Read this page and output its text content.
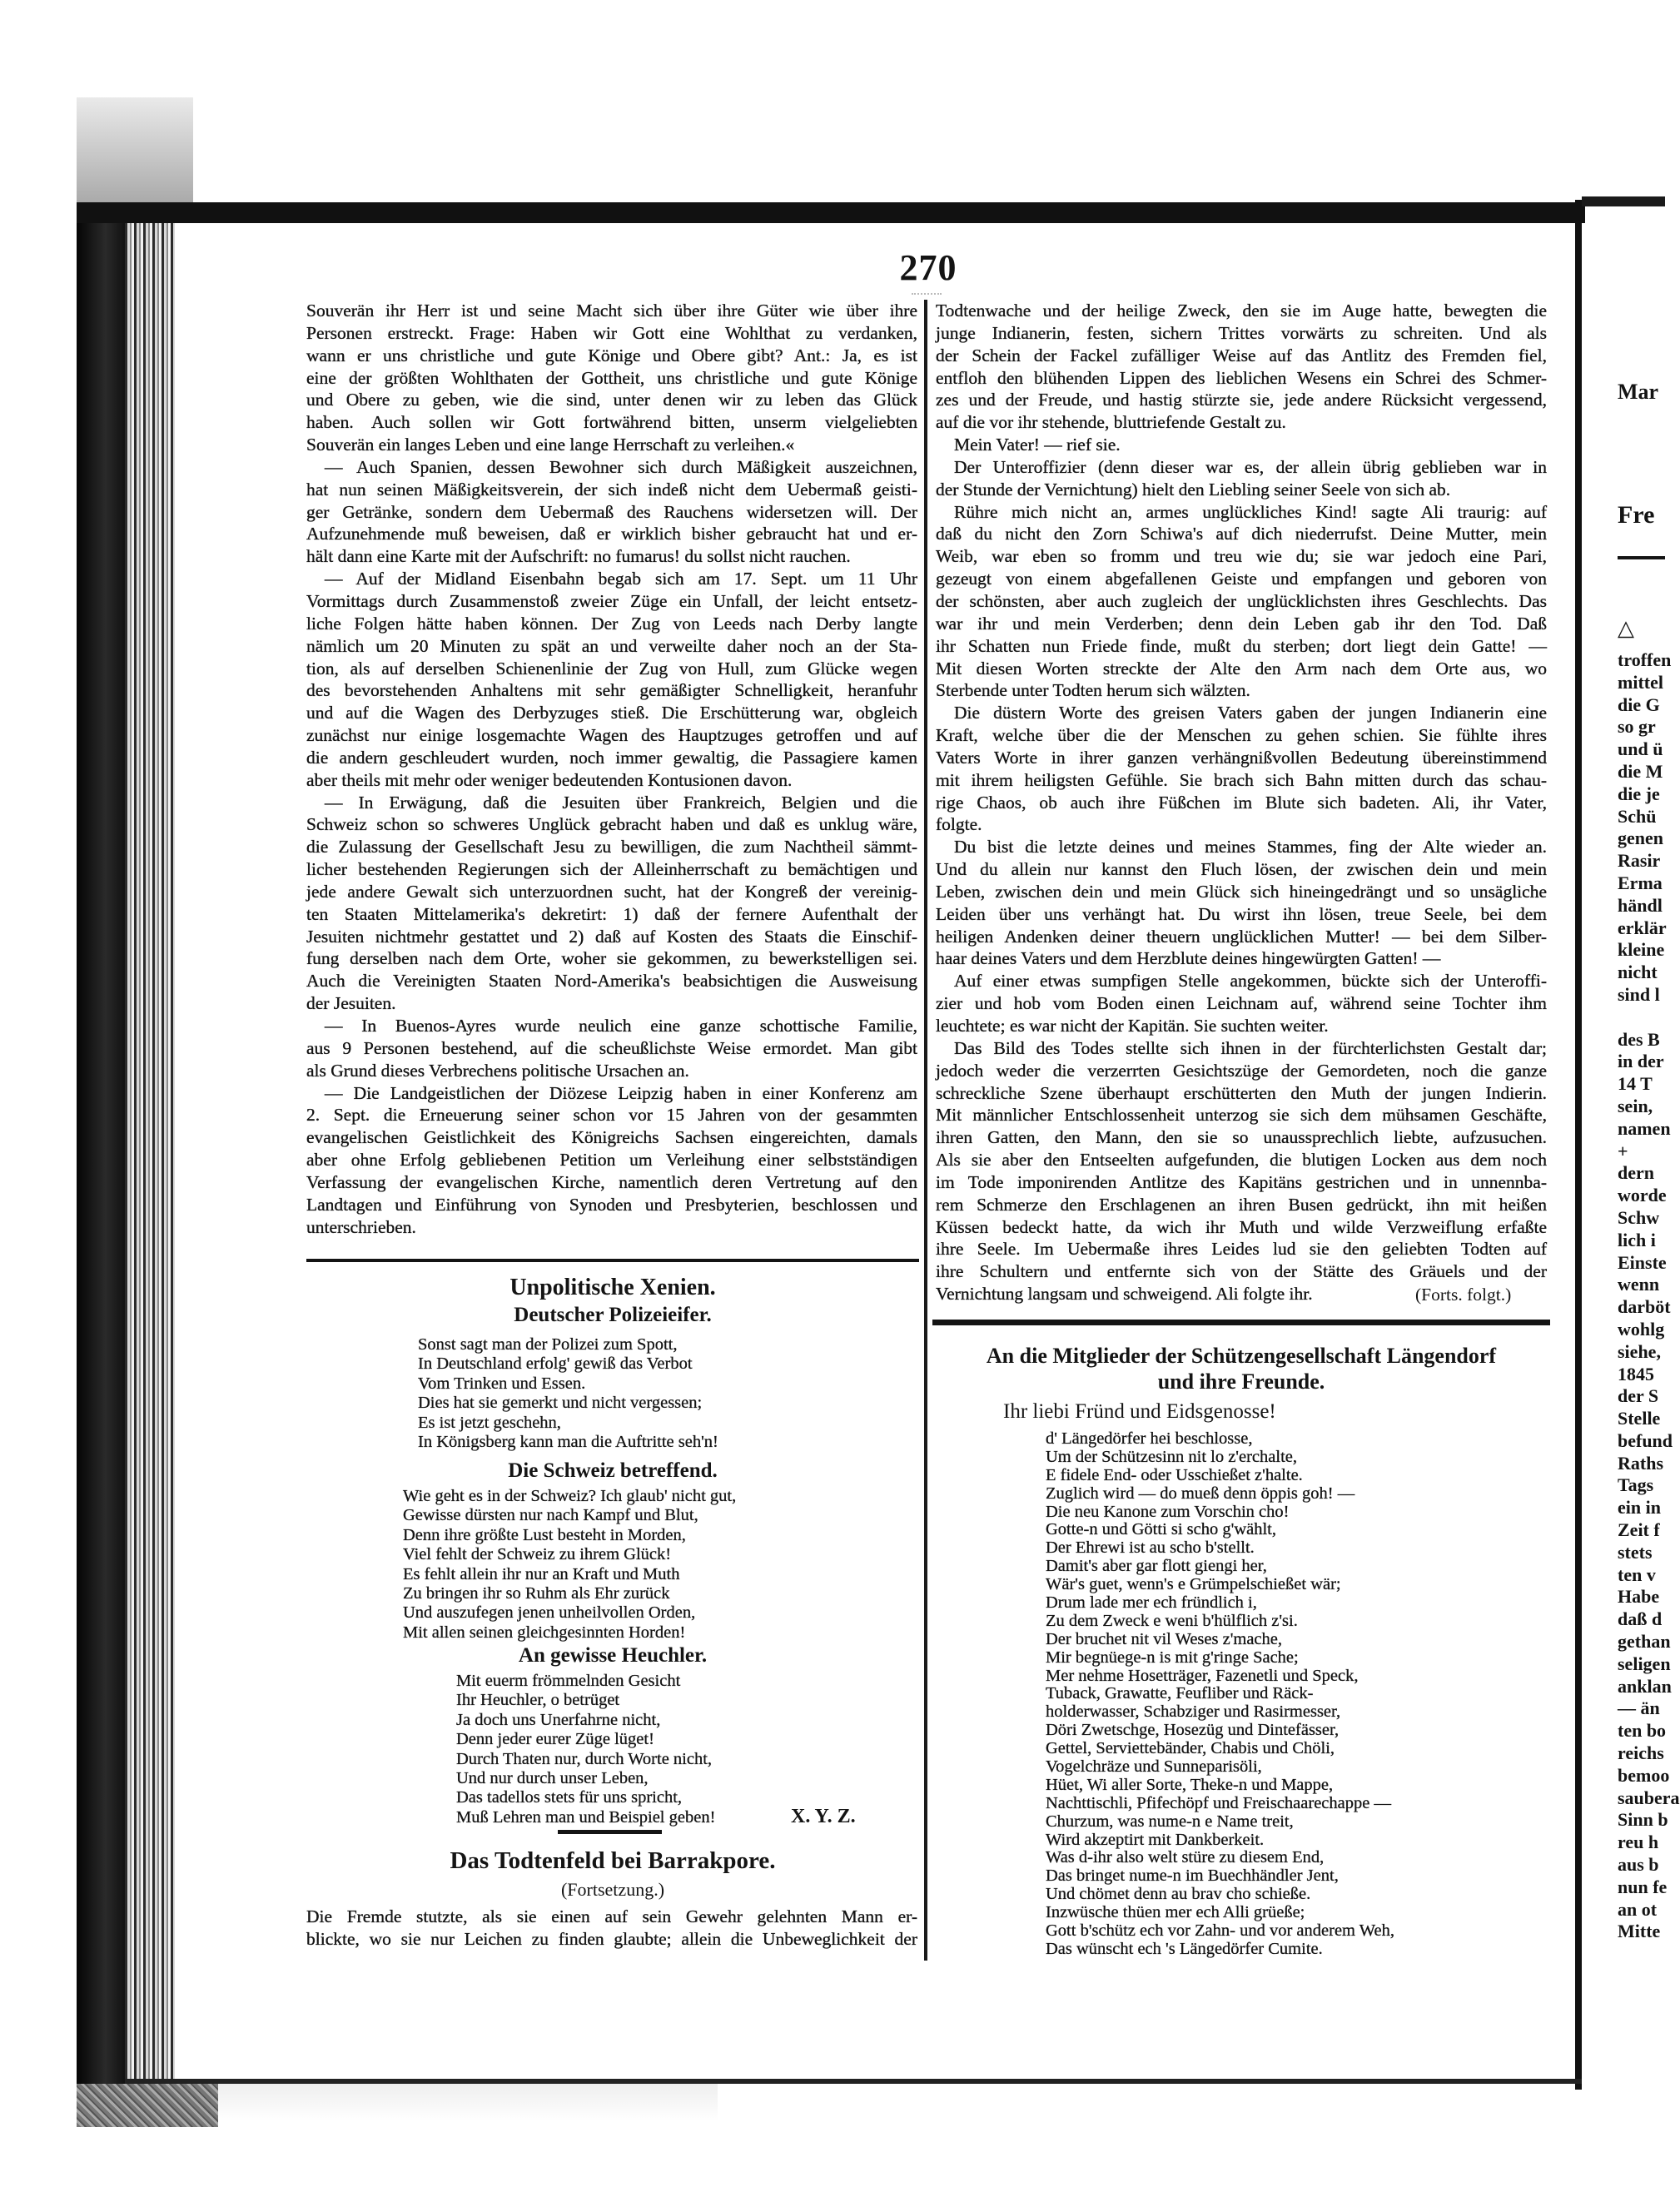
270
Souverän ihr Herr ist und seine Macht sich über ihre Güter wie über ihre
Personen erstreckt. Frage: Haben wir Gott eine Wohlthat zu verdanken,
wann er uns christliche und gute Könige und Obere gibt? Ant.: Ja, es ist
eine der größten Wohlthaten der Gottheit, uns christliche und gute Könige
und Obere zu geben, wie die sind, unter denen wir zu leben das Glück
haben. Auch sollen wir Gott fortwährend bitten, unserm vielgeliebten
Souverän ein langes Leben und eine lange Herrschaft zu verleihen.«
— Auch Spanien, dessen Bewohner sich durch Mäßigkeit auszeichnen,
hat nun seinen Mäßigkeitsverein, der sich indeß nicht dem Uebermaß geisti-
ger Getränke, sondern dem Uebermaß des Rauchens widersetzen will. Der
Aufzunehmende muß beweisen, daß er wirklich bisher gebraucht hat und er-
hält dann eine Karte mit der Aufschrift: no fumarus! du sollst nicht rauchen.
— Auf der Midland Eisenbahn begab sich am 17. Sept. um 11 Uhr
Vormittags durch Zusammenstoß zweier Züge ein Unfall, der leicht entsetz-
liche Folgen hätte haben können. Der Zug von Leeds nach Derby langte
nämlich um 20 Minuten zu spät an und verweilte daher noch an der Sta-
tion, als auf derselben Schienenlinie der Zug von Hull, zum Glücke wegen
des bevorstehenden Anhaltens mit sehr gemäßigter Schnelligkeit, heranfuhr
und auf die Wagen des Derbyzuges stieß. Die Erschütterung war, obgleich
zunächst nur einige losgemachte Wagen des Hauptzuges getroffen und auf
die andern geschleudert wurden, noch immer gewaltig, die Passagiere kamen
aber theils mit mehr oder weniger bedeutenden Kontusionen davon.
— In Erwägung, daß die Jesuiten über Frankreich, Belgien und die
Schweiz schon so schweres Unglück gebracht haben und daß es unklug wäre,
die Zulassung der Gesellschaft Jesu zu bewilligen, die zum Nachtheil sämmt-
licher bestehenden Regierungen sich der Alleinherrschaft zu bemächtigen und
jede andere Gewalt sich unterzuordnen sucht, hat der Kongreß der vereinig-
ten Staaten Mittelamerika's dekretirt: 1) daß der fernere Aufenthalt der
Jesuiten nichtmehr gestattet und 2) daß auf Kosten des Staats die Einschif-
fung derselben nach dem Orte, woher sie gekommen, zu bewerkstelligen sei.
Auch die Vereinigten Staaten Nord-Amerika's beabsichtigen die Ausweisung
der Jesuiten.
— In Buenos-Ayres wurde neulich eine ganze schottische Familie,
aus 9 Personen bestehend, auf die scheußlichste Weise ermordet. Man gibt
als Grund dieses Verbrechens politische Ursachen an.
— Die Landgeistlichen der Diözese Leipzig haben in einer Konferenz am
2. Sept. die Erneuerung seiner schon vor 15 Jahren von der gesammten
evangelischen Geistlichkeit des Königreichs Sachsen eingereichten, damals
aber ohne Erfolg gebliebenen Petition um Verleihung einer selbstständigen
Verfassung der evangelischen Kirche, namentlich deren Vertretung auf den
Landtagen und Einführung von Synoden und Presbyterien, beschlossen und
unterschrieben.
Unpolitische Xenien.
Deutscher Polizeieifer.
Sonst sagt man der Polizei zum Spott,
In Deutschland erfolg' gewiß das Verbot
Vom Trinken und Essen.
Dies hat sie gemerkt und nicht vergessen;
Es ist jetzt geschehn,
In Königsberg kann man die Auftritte seh'n!
Die Schweiz betreffend.
Wie geht es in der Schweiz? Ich glaub' nicht gut,
Gewisse dürsten nur nach Kampf und Blut,
Denn ihre größte Lust besteht in Morden,
Viel fehlt der Schweiz zu ihrem Glück!
Es fehlt allein ihr nur an Kraft und Muth
Zu bringen ihr so Ruhm als Ehr zurück
Und auszufegen jenen unheilvollen Orden,
Mit allen seinen gleichgesinnten Horden!
An gewisse Heuchler.
Mit euerm frömmelnden Gesicht
Ihr Heuchler, o betrüget
Ja doch uns Unerfahrne nicht,
Denn jeder eurer Züge lüget!
Durch Thaten nur, durch Worte nicht,
Und nur durch unser Leben,
Das tadellos stets für uns spricht,
Muß Lehren man und Beispiel geben!	X. Y. Z.
Das Todtenfeld bei Barrakpore.
(Fortsetzung.)
Die Fremde stutzte, als sie einen auf sein Gewehr gelehnten Mann er-
blickte, wo sie nur Leichen zu finden glaubte; allein die Unbeweglichkeit der
Todtenwache und der heilige Zweck, den sie im Auge hatte, bewegten die
junge Indianerin, festen, sichern Trittes vorwärts zu schreiten. Und als
der Schein der Fackel zufälliger Weise auf das Antlitz des Fremden fiel,
entfloh den blühenden Lippen des lieblichen Wesens ein Schrei des Schmer-
zes und der Freude, und hastig stürzte sie, jede andere Rücksicht vergessend,
auf die vor ihr stehende, bluttriefende Gestalt zu.
Mein Vater! — rief sie.
Der Unteroffizier (denn dieser war es, der allein übrig geblieben war in
der Stunde der Vernichtung) hielt den Liebling seiner Seele von sich ab.
Rühre mich nicht an, armes unglückliches Kind! sagte Ali traurig: auf
daß du nicht den Zorn Schiwa's auf dich niederrufst. Deine Mutter, mein
Weib, war eben so fromm und treu wie du; sie war jedoch eine Pari,
gezeugt von einem abgefallenen Geiste und empfangen und geboren von
der schönsten, aber auch zugleich der unglücklichsten ihres Geschlechts. Das
war ihr und mein Verderben; denn dein Leben gab ihr den Tod. Daß
ihr Schatten nun Friede finde, mußt du sterben; dort liegt dein Gatte! —
Mit diesen Worten streckte der Alte den Arm nach dem Orte aus, wo
Sterbende unter Todten herum sich wälzten.
Die düstern Worte des greisen Vaters gaben der jungen Indianerin eine
Kraft, welche über die der Menschen zu gehen schien. Sie fühlte ihres
Vaters Worte in ihrer ganzen verhängnißvollen Bedeutung übereinstimmend
mit ihrem heiligsten Gefühle. Sie brach sich Bahn mitten durch das schau-
rige Chaos, ob auch ihre Füßchen im Blute sich badeten. Ali, ihr Vater,
folgte.
Du bist die letzte deines und meines Stammes, fing der Alte wieder an.
Und du allein nur kannst den Fluch lösen, der zwischen dein und mein
Leben, zwischen dein und mein Glück sich hineingedrängt und so unsägliche
Leiden über uns verhängt hat. Du wirst ihn lösen, treue Seele, bei dem
heiligen Andenken deiner theuern unglücklichen Mutter! — bei dem Silber-
haar deines Vaters und dem Herzblute deines hingewürgten Gatten! —
Auf einer etwas sumpfigen Stelle angekommen, bückte sich der Unteroffi-
zier und hob vom Boden einen Leichnam auf, während seine Tochter ihm
leuchtete; es war nicht der Kapitän. Sie suchten weiter.
Das Bild des Todes stellte sich ihnen in der fürchterlichsten Gestalt dar;
jedoch weder die verzerrten Gesichtszüge der Gemordeten, noch die ganze
schreckliche Szene überhaupt erschütterten den Muth der jungen Indierin.
Mit männlicher Entschlossenheit unterzog sie sich dem mühsamen Geschäfte,
ihren Gatten, den Mann, den sie so unaussprechlich liebte, aufzusuchen.
Als sie aber den Entseelten aufgefunden, die blutigen Locken aus dem noch
im Tode imponirenden Antlitze des Kapitäns gestrichen und in unnennba-
rem Schmerze den Erschlagenen an ihren Busen gedrückt, ihn mit heißen
Küssen bedeckt hatte, da wich ihr Muth und wilde Verzweiflung erfaßte
ihre Seele. Im Uebermaße ihres Leides lud sie den geliebten Todten auf
ihre Schultern und entfernte sich von der Stätte des Gräuels und der
Vernichtung langsam und schweigend. Ali folgte ihr.	(Forts. folgt.)
An die Mitglieder der Schützengesellschaft Längendorf
und ihre Freunde.
Ihr liebi Fründ und Eidsgenosse!
d' Längedörfer hei beschlosse,
Um der Schützesinn nit lo z'erchalte,
E fidele End- oder Usschießet z'halte.
Zuglich wird — do mueß denn öppis goh! —
Die neu Kanone zum Vorschin cho!
Gotte-n und Götti si scho g'wählt,
Der Ehrewi ist au scho b'stellt.
Damit's aber gar flott giengi her,
Wär's guet, wenn's e Grümpelschießet wär;
Drum lade mer ech fründlich i,
Zu dem Zweck e weni b'hülflich z'si.
Der bruchet nit vil Weses z'mache,
Mir begnüege-n is mit g'ringe Sache;
Mer nehme Hosetträger, Fazenetli und Speck,
Tuback, Grawatte, Feufliber und Räck-
holderwasser, Schabziger und Rasirmesser,
Döri Zwetschge, Hosezüg und Dintefässer,
Gettel, Serviettebänder, Chabis und Chöli,
Vogelchräze und Sunneparisöli,
Hüet, Wi aller Sorte, Theke-n und Mappe,
Nachttischli, Pfifechöpf und Freischaarechappe —
Churzum, was nume-n e Name treit,
Wird akzeptirt mit Dankberkeit.
Was d-ihr also welt stüre zu diesem End,
Das bringet nume-n im Buechhändler Jent,
Und chömet denn au brav cho schieße.
Inzwüsche thüen mer ech Alli grüeße;
Gott b'schütz ech vor Zahn- und vor anderem Weh,
Das wünscht ech 's Längedörfer Cumite.
Mar
Fre
△
troffen
mittel
die G
so gr
und ü
die M
die je
Schü
genen
Rasir
Erma
händl
erklär
kleine
nicht
sind l
des B
in der
14 T
sein,
namen
+
dern
worde
Schw
lich i
Einste
wenn
darböt
wohlg
siehe,
1845
der S
Stelle
befund
Raths
Tags
ein in
Zeit f
stets
ten v
Habe
daß d
gethan
seligen
anklan
— än
ten bo
reichs
bemoo
saubera
Sinn b
reu h
aus b
nun fe
an ot
Mitte
